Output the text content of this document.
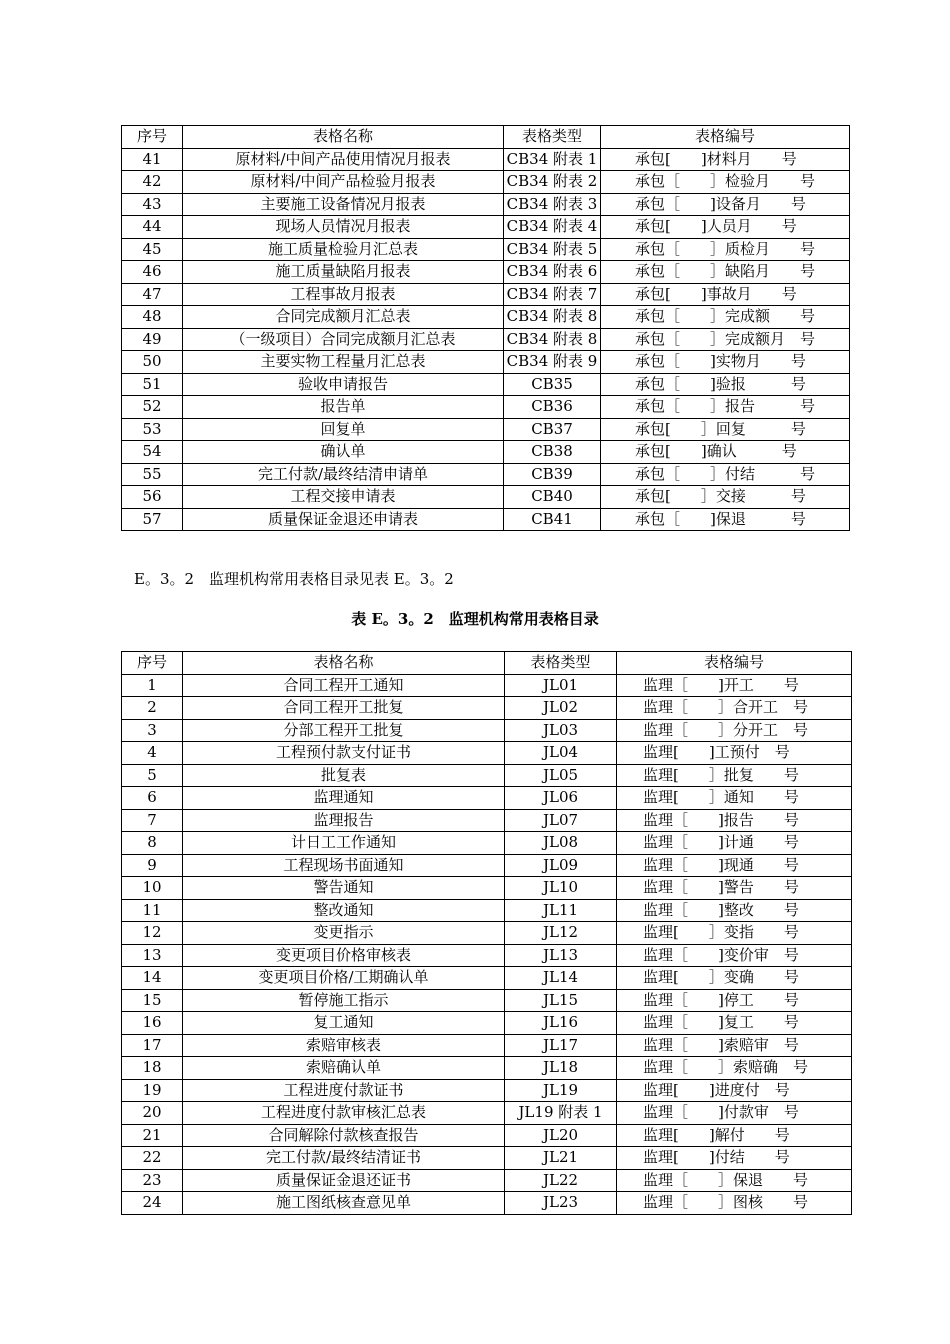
序号	表格名称	表格类型	表格编号
41	原材料/中间产品使用情况月报表	CB34 附表 1	承包[　　]材料月　　号
42	原材料/中间产品检验月报表	CB34 附表 2	承包［　　］检验月　　号
43	主要施工设备情况月报表	CB34 附表 3	承包［　　]设备月　　号
44	现场人员情况月报表	CB34 附表 4	承包[　　]人员月　　号
45	施工质量检验月汇总表	CB34 附表 5	承包［　　］质检月　　号
46	施工质量缺陷月报表	CB34 附表 6	承包［　　］缺陷月　　号
47	工程事故月报表	CB34 附表 7	承包[　　]事故月　　号
48	合同完成额月汇总表	CB34 附表 8	承包［　　］完成额　　号
49	（一级项目）合同完成额月汇总表	CB34 附表 8	承包［　　］完成额月　号
50	主要实物工程量月汇总表	CB34 附表 9	承包［　　]实物月　　号
51	验收申请报告	CB35	承包［　　]验报　　　号
52	报告单	CB36	承包［　　］报告　　　号
53	回复单	CB37	承包[　　］回复　　　号
54	确认单	CB38	承包[　　]确认　　　号
55	完工付款/最终结清申请单	CB39	承包［　　］付结　　　号
56	工程交接申请表	CB40	承包[　　］交接　　　号
57	质量保证金退还申请表	CB41	承包［　　]保退　　　号
E。3。2　监理机构常用表格目录见表 E。3。2
表 E。3。2　监理机构常用表格目录
序号	表格名称	表格类型	表格编号
1	合同工程开工通知	JL01	监理［　　]开工　　号
2	合同工程开工批复	JL02	监理［　　］合开工　号
3	分部工程开工批复	JL03	监理［　　］分开工　号
4	工程预付款支付证书	JL04	监理[　　]工预付　号
5	批复表	JL05	监理[　　］批复　　号
6	监理通知	JL06	监理[　　］通知　　号
7	监理报告	JL07	监理［　　]报告　　号
8	计日工工作通知	JL08	监理［　　]计通　　号
9	工程现场书面通知	JL09	监理［　　]现通　　号
10	警告通知	JL10	监理［　　]警告　　号
11	整改通知	JL11	监理［　　]整改　　号
12	变更指示	JL12	监理[　　］变指　　号
13	变更项目价格审核表	JL13	监理［　　]变价审　号
14	变更项目价格/工期确认单	JL14	监理[　　］变确　　号
15	暂停施工指示	JL15	监理［　　]停工　　号
16	复工通知	JL16	监理［　　]复工　　号
17	索赔审核表	JL17	监理［　　]索赔审　号
18	索赔确认单	JL18	监理［　　］索赔确　号
19	工程进度付款证书	JL19	监理[　　]进度付　号
20	工程进度付款审核汇总表	JL19 附表 1	监理［　　]付款审　号
21	合同解除付款核查报告	JL20	监理[　　]解付　　号
22	完工付款/最终结清证书	JL21	监理[　　]付结　　号
23	质量保证金退还证书	JL22	监理［　　］保退　　号
24	施工图纸核查意见单	JL23	监理［　　］图核　　号
